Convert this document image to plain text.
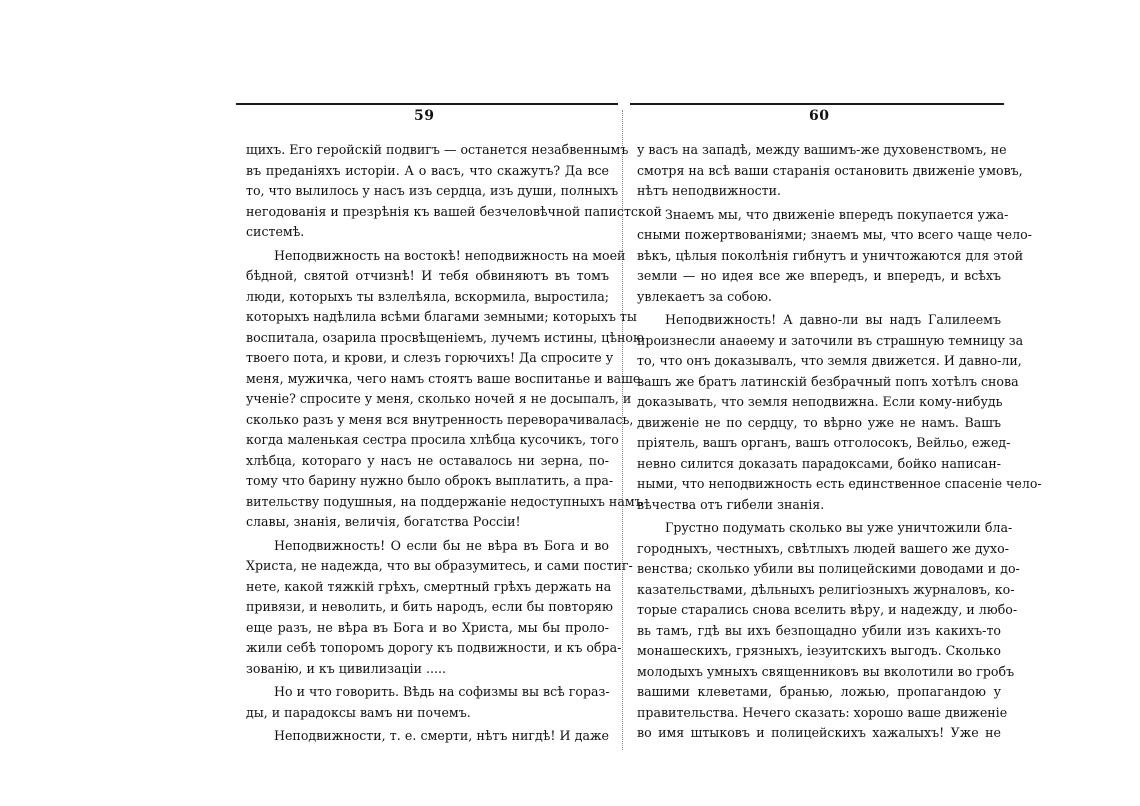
59	60
щихъ. Его геройскій подвигъ — останется незабвеннымъ
въ преданіяхъ исторіи. А о васъ, что скажутъ? Да все
то, что вылилось у насъ изъ сердца, изъ души, полныхъ
негодованія и презрѣнія къ вашей безчеловѣчной папистской
системѣ.
Неподвижность на востокѣ! неподвижность на моей
бѣдной, святой отчизнѣ! И тебя обвиняютъ въ томъ
люди, которыхъ ты взлелѣяла, вскормила, выростила;
которыхъ надѣлила всѣми благами земными; которыхъ ты
воспитала, озарила просвѣщеніемъ, лучемъ истины, цѣною
твоего пота, и крови, и слезъ горючихъ! Да спросите у
меня, мужичка, чего намъ стоятъ ваше воспитанье и ваше
ученіе? спросите у меня, сколько ночей я не досыпалъ, и
сколько разъ у меня вся внутренность переворачивалась,
когда маленькая сестра просила хлѣбца кусочикъ, того
хлѣбца, котораго у насъ не оставалось ни зерна, по-
тому что барину нужно было оброкъ выплатить, а пра-
вительству подушныя, на поддержаніе недоступныхъ намъ
славы, знанія, величія, богатства Россіи!
Неподвижность! О если бы не вѣра въ Бога и во
Христа, не надежда, что вы образумитесь, и сами постиг-
нете, какой тяжкій грѣхъ, смертный грѣхъ держать на
привязи, и неволить, и бить народъ, если бы повторяю
еще разъ, не вѣра въ Бога и во Христа, мы бы проло-
жили себѣ топоромъ дорогу къ подвижности, и къ обра-
зованію, и къ цивилизаціи .....
Но и что говорить. Вѣдь на софизмы вы всѣ гораз-
ды, и парадоксы вамъ ни почемъ.
Неподвижности, т. е. смерти, нѣтъ нигдѣ! И даже
у васъ на западѣ, между вашимъ-же духовенствомъ, не
смотря на всѣ ваши старанія остановить движеніе умовъ,
нѣтъ неподвижности.
Знаемъ мы, что движеніе впередъ покупается ужа-
сными пожертвованіями; знаемъ мы, что всего чаще чело-
вѣкъ, цѣлыя поколѣнія гибнутъ и уничтожаются для этой
земли — но идея все же впередъ, и впередъ, и всѣхъ
увлекаетъ за собою.
Неподвижность! А давно-ли вы надъ Галилеемъ
произнесли анаѳему и заточили въ страшную темницу за
то, что онъ доказывалъ, что земля движется. И давно-ли,
вашъ же братъ латинскій безбрачный попъ хотѣлъ снова
доказывать, что земля неподвижна. Если кому-нибудь
движеніе не по сердцу, то вѣрно уже не намъ. Вашъ
пріятель, вашъ органъ, вашъ отголосокъ, Вейльо, ежед-
невно силится доказать парадоксами, бойко написан-
ными, что неподвижность есть единственное спасеніе чело-
вѣчества отъ гибели знанія.
Грустно подумать сколько вы уже уничтожили бла-
городныхъ, честныхъ, свѣтлыхъ людей вашего же духо-
венства; сколько убили вы полицейскими доводами и до-
казательствами, дѣльныхъ религіозныхъ журналовъ, ко-
торые старались снова вселить вѣру, и надежду, и любо-
вь тамъ, гдѣ вы ихъ безпощадно убили изъ какихъ-то
монашескихъ, грязныхъ, іезуитскихъ выгодъ. Сколько
молодыхъ умныхъ священниковъ вы вколотили во гробъ
вашими клеветами, бранью, ложью, пропагандою у
правительства. Нечего сказать: хорошо ваше движеніе
во имя штыковъ и полицейскихъ хажалыхъ! Уже не
